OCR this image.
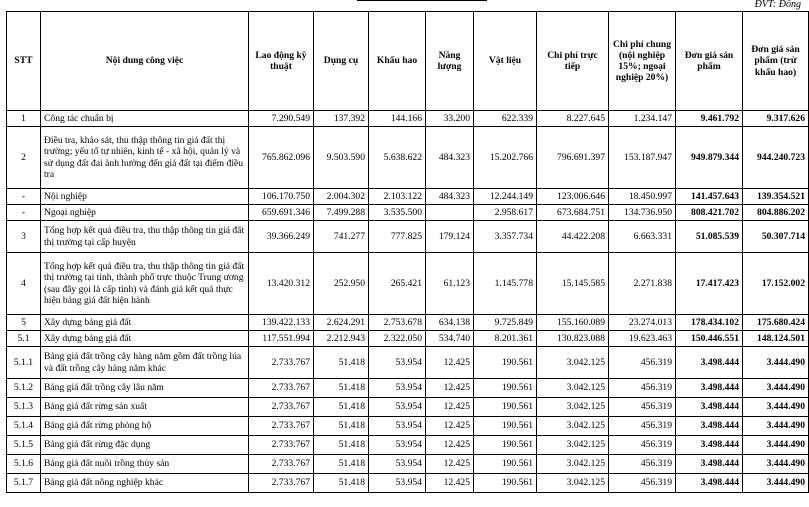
ĐVT: Đồng
STT	Nội dung công việc	Lao động kỹ thuật	Dụng cụ	Khấu hao	Năng lượng	Vật liệu	Chi phí trực tiếp	Chi phí chung (nội nghiệp 15%; ngoại nghiệp 20%)	Đơn giá sản phẩm	Đơn giá sản phẩm (trừ khấu hao)
1	Công tác chuẩn bị	7.290.549	137.392	144.166	33.200	622.339	8.227.645	1.234.147	9.461.792	9.317.626
2	Điều tra, khảo sát, thu thập thông tin giá đất thị trường; yếu tố tự nhiên, kinh tế - xã hội, quản lý và sử dụng đất đai ảnh hưởng đến giá đất tại điểm điều tra	765.862.096	9.503.590	5.638.622	484.323	15.202.766	796.691.397	153.187.947	949.879.344	944.240.723
-	Nội nghiệp	106.170.750	2.004.302	2.103.122	484.323	12.244.149	123.006.646	18.450.997	141.457.643	139.354.521
-	Ngoại nghiệp	659.691.346	7.499.288	3.535.500		2.958.617	673.684.751	134.736.950	808.421.702	804.886.202
3	Tổng hợp kết quả điều tra, thu thập thông tin giá đất thị trường tại cấp huyện	39.366.249	741.277	777.825	179.124	3.357.734	44.422.208	6.663.331	51.085.539	50.307.714
4	Tổng hợp kết quả điều tra, thu thập thông tin giá đất thị trường tại tỉnh, thành phố trực thuộc Trung ương (sau đây gọi là cấp tỉnh) và đánh giá kết quả thực hiện bảng giá đất hiện hành	13.420.312	252.950	265.421	61.123	1.145.778	15.145.585	2.271.838	17.417.423	17.152.002
5	Xây dựng bảng giá đất	139.422.133	2.624.291	2.753.678	634.138	9.725.849	155.160.089	23.274.013	178.434.102	175.680.424
5.1	Xây dựng bảng giá đất	117.551.994	2.212.943	2.322.050	534.740	8.201.361	130.823.088	19.623.463	150.446.551	148.124.501
5.1.1	Bảng giá đất trồng cây hàng năm gồm đất trồng lúa và đất trồng cây hàng năm khác	2.733.767	51.418	53.954	12.425	190.561	3.042.125	456.319	3.498.444	3.444.490
5.1.2	Bảng giá đất trồng cây lâu năm	2.733.767	51.418	53.954	12.425	190.561	3.042.125	456.319	3.498.444	3.444.490
5.1.3	Bảng giá đất rừng sản xuất	2.733.767	51.418	53.954	12.425	190.561	3.042.125	456.319	3.498.444	3.444.490
5.1.4	Bảng giá đất rừng phòng hộ	2.733.767	51.418	53.954	12.425	190.561	3.042.125	456.319	3.498.444	3.444.490
5.1.5	Bảng giá đất rừng đặc dụng	2.733.767	51.418	53.954	12.425	190.561	3.042.125	456.319	3.498.444	3.444.490
5.1.6	Bảng giá đất nuôi trồng thủy sản	2.733.767	51.418	53.954	12.425	190.561	3.042.125	456.319	3.498.444	3.444.490
5.1.7	Bảng giá đất nông nghiệp khác	2.733.767	51.418	53.954	12.425	190.561	3.042.125	456.319	3.498.444	3.444.490
